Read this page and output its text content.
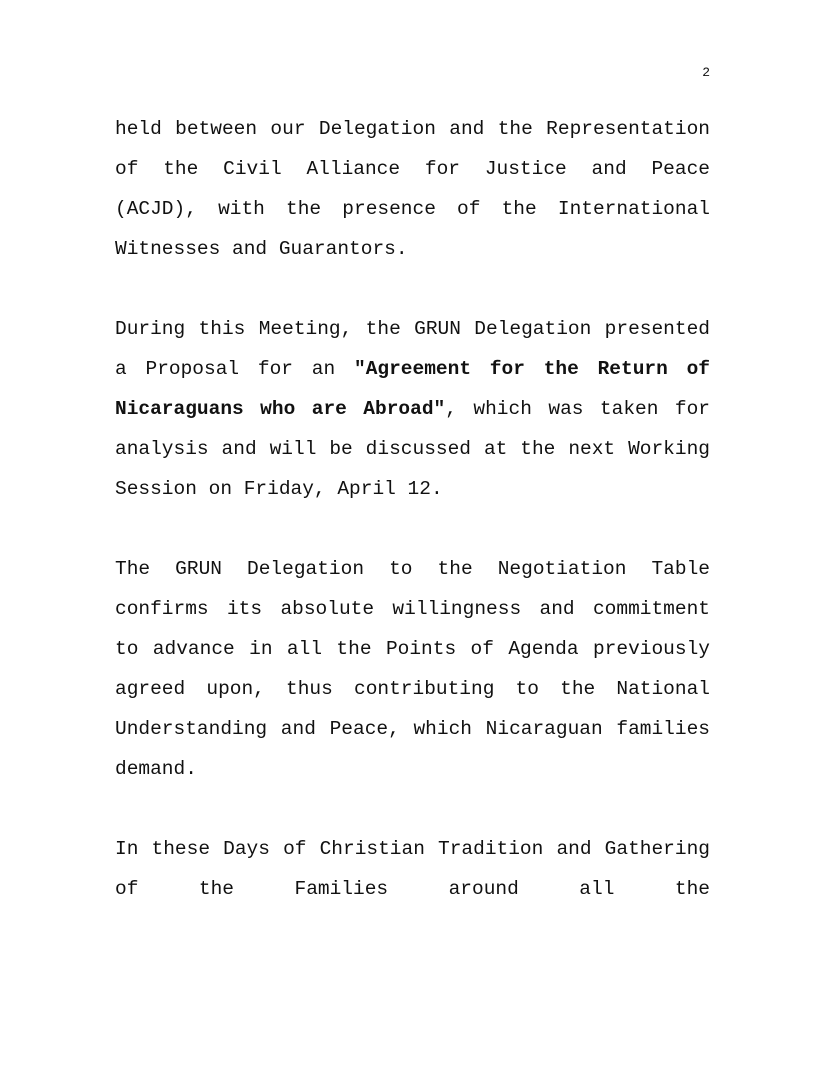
2

held between our Delegation and the Representation of the Civil Alliance for Justice and Peace (ACJD), with the presence of the International Witnesses and Guarantors.

During this Meeting, the GRUN Delegation presented a Proposal for an "Agreement for the Return of Nicaraguans who are Abroad", which was taken for analysis and will be discussed at the next Working Session on Friday, April 12.

The GRUN Delegation to the Negotiation Table confirms its absolute willingness and commitment to advance in all the Points of Agenda previously agreed upon, thus contributing to the National Understanding and Peace, which Nicaraguan families demand.

In these Days of Christian Tradition and Gathering of the Families around all the
